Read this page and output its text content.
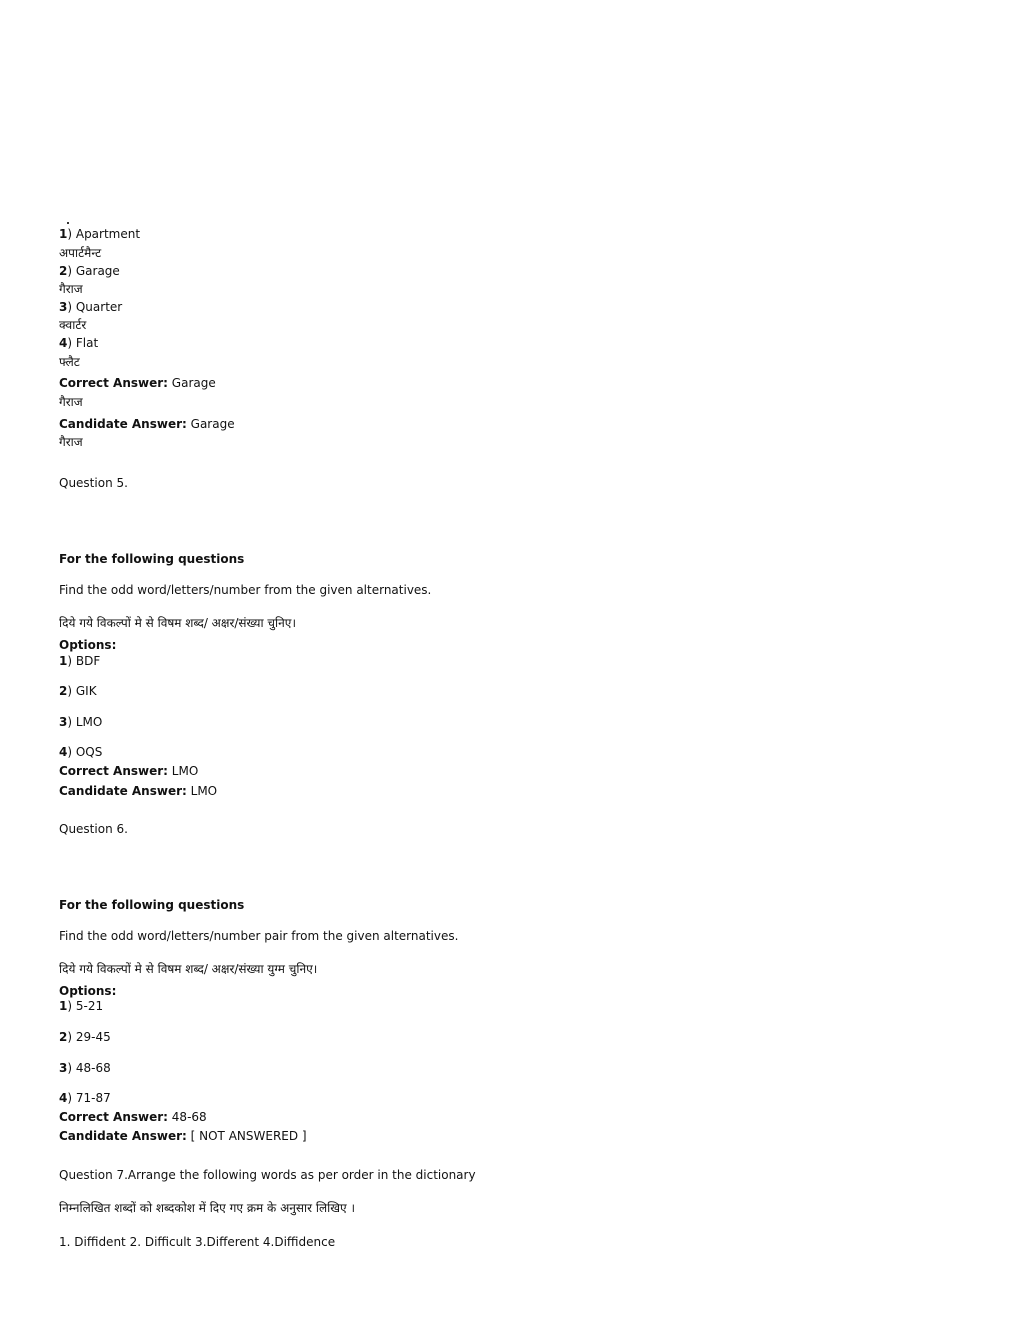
1) Apartment
अपार्टमैन्ट
2) Garage
गैराज
3) Quarter
क्वार्टर
4) Flat
फ्लैट
Correct Answer: Garage
गैराज
Candidate Answer: Garage
गैराज
Question 5.
For the following questions
Find the odd word/letters/number from the given alternatives.
दिये गये विकल्पों मे से विषम शब्द/ अक्षर/संख्या चुनिए।
Options:
1) BDF
2) GIK
3) LMO
4) OQS
Correct Answer: LMO
Candidate Answer: LMO
Question 6.
For the following questions
Find the odd word/letters/number pair from the given alternatives.
दिये गये विकल्पों मे से विषम शब्द/ अक्षर/संख्या युग्म चुनिए।
Options:
1) 5-21
2) 29-45
3) 48-68
4) 71-87
Correct Answer: 48-68
Candidate Answer: [ NOT ANSWERED ]
Question 7.Arrange the following words as per order in the dictionary
निम्नलिखित शब्दों को शब्दकोश में दिए गए क्रम के अनुसार लिखिए ।
1. Diffident 2. Difficult 3.Different 4.Diffidence
